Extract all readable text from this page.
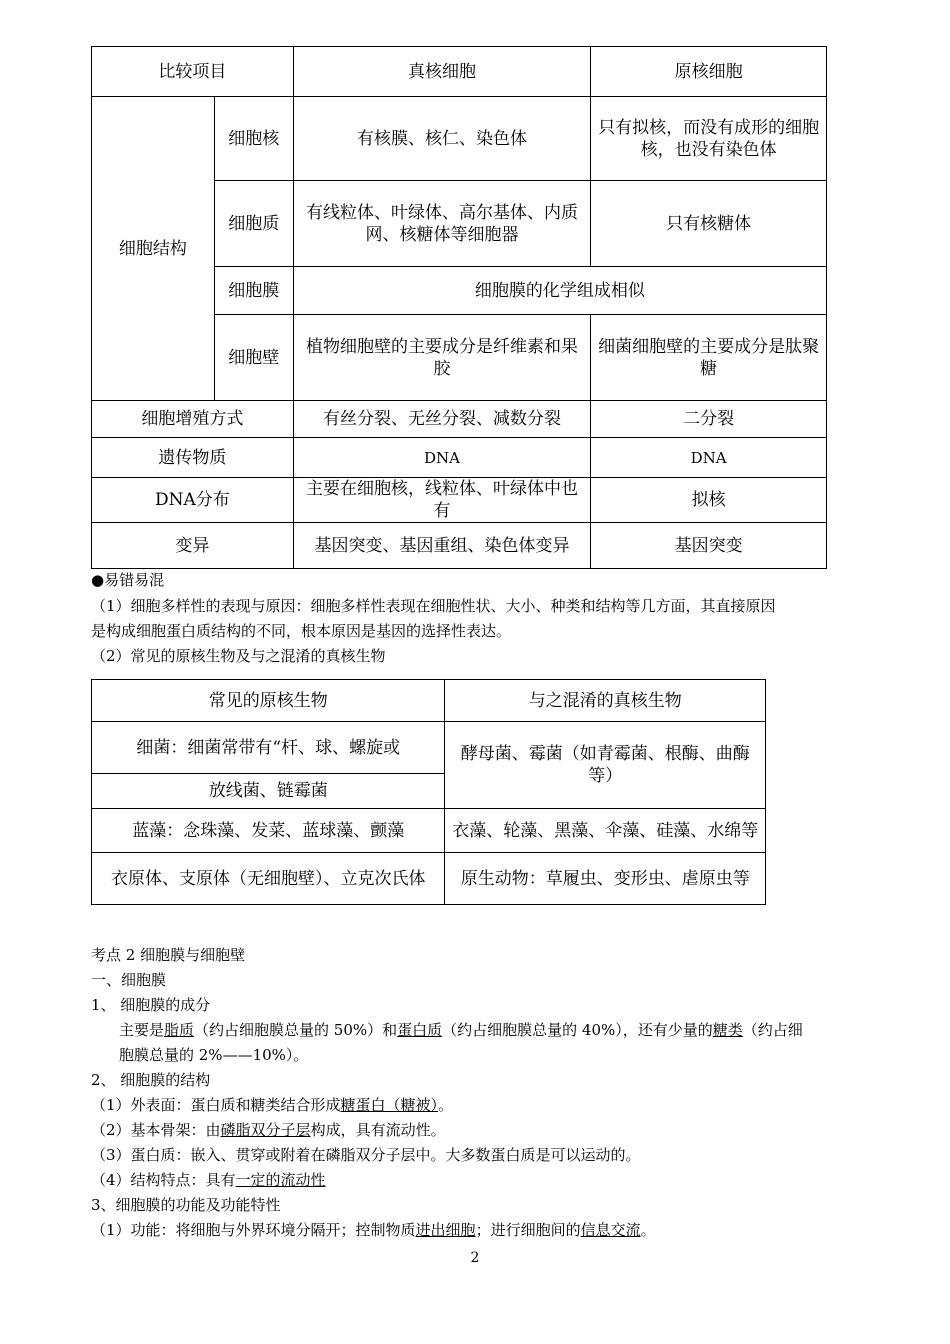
比较项目		真核细胞	原核细胞
细胞结构	细胞核	有核膜、核仁、染色体	只有拟核，而没有成形的细胞核，也没有染色体
	细胞质	有线粒体、叶绿体、高尔基体、内质网、核糖体等细胞器	只有核糖体
	细胞膜	细胞膜的化学组成相似	
	细胞壁	植物细胞壁的主要成分是纤维素和果胶	细菌细胞壁的主要成分是肽聚糖
细胞增殖方式		有丝分裂、无丝分裂、减数分裂	二分裂
遗传物质		DNA	DNA
DNA分布		主要在细胞核，线粒体、叶绿体中也有	拟核
变异		基因突变、基因重组、染色体变异	基因突变
●易错易混
（1）细胞多样性的表现与原因：细胞多样性表现在细胞性状、大小、种类和结构等几方面，其直接原因
是构成细胞蛋白质结构的不同，根本原因是基因的选择性表达。
（2）常见的原核生物及与之混淆的真核生物
常见的原核生物	与之混淆的真核生物
细菌：细菌常带有“杆、球、螺旋或	酵母菌、霉菌（如青霉菌、根酶、曲酶等）
放线菌、链霉菌	
蓝藻：念珠藻、发菜、蓝球藻、颤藻	衣藻、轮藻、黑藻、伞藻、硅藻、水绵等
衣原体、支原体（无细胞壁）、立克次氏体	原生动物：草履虫、变形虫、虐原虫等
考点 2 细胞膜与细胞壁
一、细胞膜
1、 细胞膜的成分
主要是脂质（约占细胞膜总量的 50%）和蛋白质（约占细胞膜总量的 40%），还有少量的糖类（约占细
胞膜总量的 2%——10%）。
2、 细胞膜的结构
（1）外表面：蛋白质和糖类结合形成糖蛋白（糖被）。
（2）基本骨架：由磷脂双分子层构成，具有流动性。
（3）蛋白质：嵌入、贯穿或附着在磷脂双分子层中。大多数蛋白质是可以运动的。
（4）结构特点：具有一定的流动性
3、细胞膜的功能及功能特性
（1）功能：将细胞与外界环境分隔开；控制物质进出细胞；进行细胞间的信息交流。
2
